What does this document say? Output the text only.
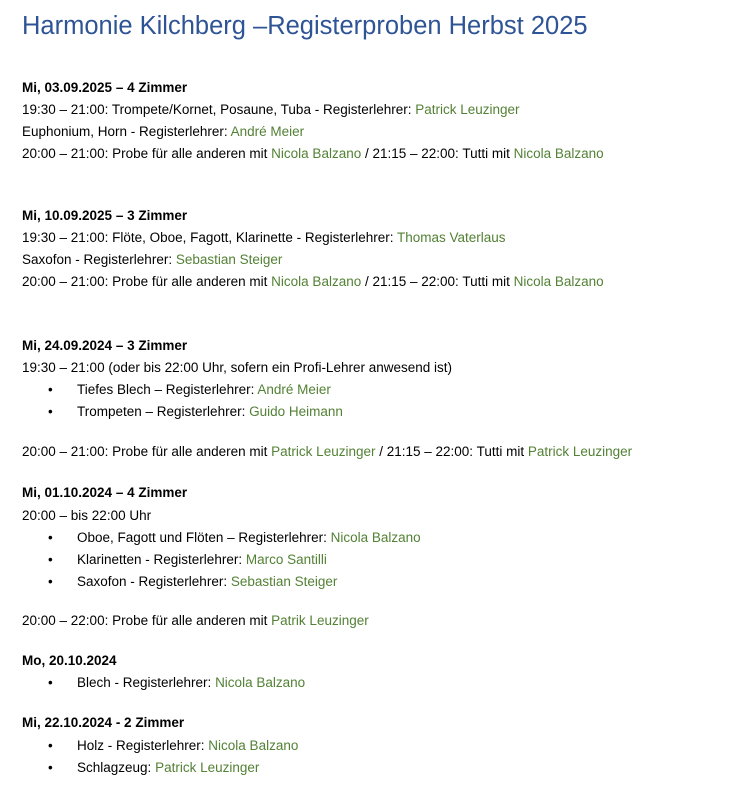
Harmonie Kilchberg –Registerproben Herbst 2025
Mi, 03.09.2025 – 4 Zimmer
19:30 – 21:00: Trompete/Kornet, Posaune, Tuba - Registerlehrer: Patrick Leuzinger
Euphonium, Horn - Registerlehrer: André Meier
20:00 – 21:00: Probe für alle anderen mit Nicola Balzano / 21:15 – 22:00: Tutti mit Nicola Balzano
Mi, 10.09.2025 – 3 Zimmer
19:30 – 21:00: Flöte, Oboe, Fagott, Klarinette - Registerlehrer: Thomas Vaterlaus
Saxofon - Registerlehrer: Sebastian Steiger
20:00 – 21:00: Probe für alle anderen mit Nicola Balzano / 21:15 – 22:00: Tutti mit Nicola Balzano
Mi, 24.09.2024 – 3 Zimmer
19:30 – 21:00 (oder bis 22:00 Uhr, sofern ein Profi-Lehrer anwesend ist)
• Tiefes Blech – Registerlehrer: André Meier
• Trompeten – Registerlehrer: Guido Heimann
20:00 – 21:00: Probe für alle anderen mit Patrick Leuzinger / 21:15 – 22:00: Tutti mit Patrick Leuzinger
Mi, 01.10.2024 – 4 Zimmer
20:00 – bis 22:00 Uhr
• Oboe, Fagott und Flöten – Registerlehrer: Nicola Balzano
• Klarinetten - Registerlehrer: Marco Santilli
• Saxofon - Registerlehrer: Sebastian Steiger
20:00 – 22:00: Probe für alle anderen mit Patrik Leuzinger
Mo, 20.10.2024
• Blech - Registerlehrer: Nicola Balzano
Mi, 22.10.2024 - 2 Zimmer
• Holz - Registerlehrer: Nicola Balzano
• Schlagzeug: Patrick Leuzinger
